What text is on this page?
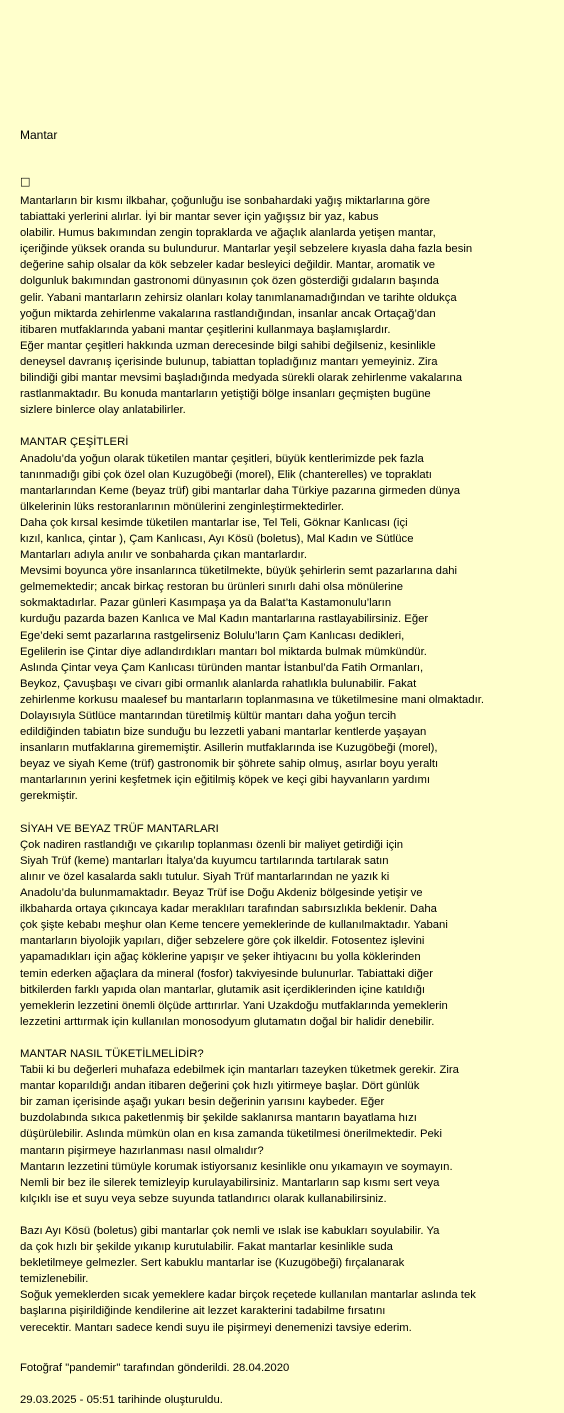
Mantar
□
Mantarların bir kısmı ilkbahar, çoğunluğu ise sonbahardaki yağış miktarlarına göre
tabiattaki yerlerini alırlar. İyi bir mantar sever için yağışsız bir yaz, kabus
olabilir. Humus bakımından zengin topraklarda ve ağaçlık alanlarda yetişen mantar,
içeriğinde yüksek oranda su bulundurur. Mantarlar yeşil sebzelere kıyasla daha fazla besin
değerine sahip olsalar da kök sebzeler kadar besleyici değildir. Mantar, aromatik ve
dolgunluk bakımından gastronomi dünyasının çok özen gösterdiği gıdaların başında
gelir. Yabani mantarların zehirsiz olanları kolay tanımlanamadığından ve tarihte oldukça
yoğun miktarda zehirlenme vakalarına rastlandığından, insanlar ancak Ortaçağ’dan
itibaren mutfaklarında yabani mantar çeşitlerini kullanmaya başlamışlardır.
Eğer mantar çeşitleri hakkında uzman derecesinde bilgi sahibi değilseniz, kesinlikle
deneysel davranış içerisinde bulunup, tabiattan topladığınız mantarı yemeyiniz. Zira
bilindiği gibi mantar mevsimi başladığında medyada sürekli olarak zehirlenme vakalarına
rastlanmaktadır. Bu konuda mantarların yetiştiği bölge insanları geçmişten bugüne
sizlere binlerce olay anlatabilirler.
MANTAR ÇEŞİTLERİ
Anadolu’da yoğun olarak tüketilen mantar çeşitleri, büyük kentlerimizde pek fazla
tanınmadığı gibi çok özel olan Kuzugöbeği (morel), Elik (chanterelles) ve topraklatı
mantarlarından Keme (beyaz trüf) gibi mantarlar daha Türkiye pazarına girmeden dünya
ülkelerinin lüks restoranlarının mönülerini zenginleştirmektedirler.
Daha çok kırsal kesimde tüketilen mantarlar ise, Tel Teli, Göknar Kanlıcası (içi
kızıl, kanlıca, çintar ), Çam Kanlıcası, Ayı Kösü (boletus), Mal Kadın ve Sütlüce
Mantarları adıyla anılır ve sonbaharda çıkan mantarlardır.
Mevsimi boyunca yöre insanlarınca tüketilmekte, büyük şehirlerin semt pazarlarına dahi
gelmemektedir; ancak birkaç restoran bu ürünleri sınırlı dahi olsa mönülerine
sokmaktadırlar. Pazar günleri Kasımpaşa ya da Balat’ta Kastamonulu’ların
kurduğu pazarda bazen Kanlıca ve Mal Kadın mantarlarına rastlayabilirsiniz. Eğer
Ege’deki semt pazarlarına rastgelirseniz Bolulu’ların Çam Kanlıcası dedikleri,
Egelilerin ise Çintar diye adlandırdıkları mantarı bol miktarda bulmak mümkündür.
Aslında Çintar veya Çam Kanlıcası türünden mantar İstanbul’da Fatih Ormanları,
Beykoz, Çavuşbaşı ve civarı gibi ormanlık alanlarda rahatlıkla bulunabilir. Fakat
zehirlenme korkusu maalesef bu mantarların toplanmasına ve tüketilmesine mani olmaktadır.
Dolayısıyla Sütlüce mantarından türetilmiş kültür mantarı daha yoğun tercih
edildiğinden tabiatın bize sunduğu bu lezzetli yabani mantarlar kentlerde yaşayan
insanların mutfaklarına girememiştir. Asillerin mutfaklarında ise Kuzugöbeği (morel),
beyaz ve siyah Keme (trüf) gastronomik bir şöhrete sahip olmuş, asırlar boyu yeraltı
mantarlarının yerini keşfetmek için eğitilmiş köpek ve keçi gibi hayvanların yardımı
gerekmiştir.
SİYAH VE BEYAZ TRÜF MANTARLARI
Çok nadiren rastlandığı ve çıkarılıp toplanması özenli bir maliyet getirdiği için
Siyah Trüf (keme) mantarları İtalya’da kuyumcu tartılarında tartılarak satın
alınır ve özel kasalarda saklı tutulur. Siyah Trüf mantarlarından ne yazık ki
Anadolu’da bulunmamaktadır. Beyaz Trüf ise Doğu Akdeniz bölgesinde yetişir ve
ilkbaharda ortaya çıkıncaya kadar meraklıları tarafından sabırsızlıkla beklenir. Daha
çok şişte kebabı meşhur olan Keme tencere yemeklerinde de kullanılmaktadır. Yabani
mantarların biyolojik yapıları, diğer sebzelere göre çok ilkeldir. Fotosentez işlevini
yapamadıkları için ağaç köklerine yapışır ve şeker ihtiyacını bu yolla köklerinden
temin ederken ağaçlara da mineral (fosfor) takviyesinde bulunurlar. Tabiattaki diğer
bitkilerden farklı yapıda olan mantarlar, glutamik asit içerdiklerinden içine katıldığı
yemeklerin lezzetini önemli ölçüde arttırırlar. Yani Uzakdoğu mutfaklarında yemeklerin
lezzetini arttırmak için kullanılan monosodyum glutamatın doğal bir halidir denebilir.
MANTAR NASIL TÜKETİLMELİDİR?
Tabii ki bu değerleri muhafaza edebilmek için mantarları tazeyken tüketmek gerekir. Zira
mantar koparıldığı andan itibaren değerini çok hızlı yitirmeye başlar. Dört günlük
bir zaman içerisinde aşağı yukarı besin değerinin yarısını kaybeder. Eğer
buzdolabında sıkıca paketlenmiş bir şekilde saklanırsa mantarın bayatlama hızı
düşürülebilir. Aslında mümkün olan en kısa zamanda tüketilmesi önerilmektedir. Peki
mantarın pişirmeye hazırlanması nasıl olmalıdır?
Mantarın lezzetini tümüyle korumak istiyorsanız kesinlikle onu yıkamayın ve soymayın.
Nemli bir bez ile silerek temizleyip kurulayabilirsiniz. Mantarların sap kısmı sert veya
kılçıklı ise et suyu veya sebze suyunda tatlandırıcı olarak kullanabilirsiniz.
Bazı Ayı Kösü (boletus) gibi mantarlar çok nemli ve ıslak ise kabukları soyulabilir. Ya
da çok hızlı bir şekilde yıkanıp kurutulabilir. Fakat mantarlar kesinlikle suda
bekletilmeye gelmezler. Sert kabuklu mantarlar ise (Kuzugöbeği) fırçalanarak
temizlenebilir.
Soğuk yemeklerden sıcak yemeklere kadar birçok reçetede kullanılan mantarlar aslında tek
başlarına pişirildiğinde kendilerine ait lezzet karakterini tadabilme fırsatını
verecektir. Mantarı sadece kendi suyu ile pişirmeyi denemenizi tavsiye ederim.
Fotoğraf "pandemir" tarafından gönderildi. 28.04.2020
29.03.2025 - 05:51 tarihinde oluşturuldu.
